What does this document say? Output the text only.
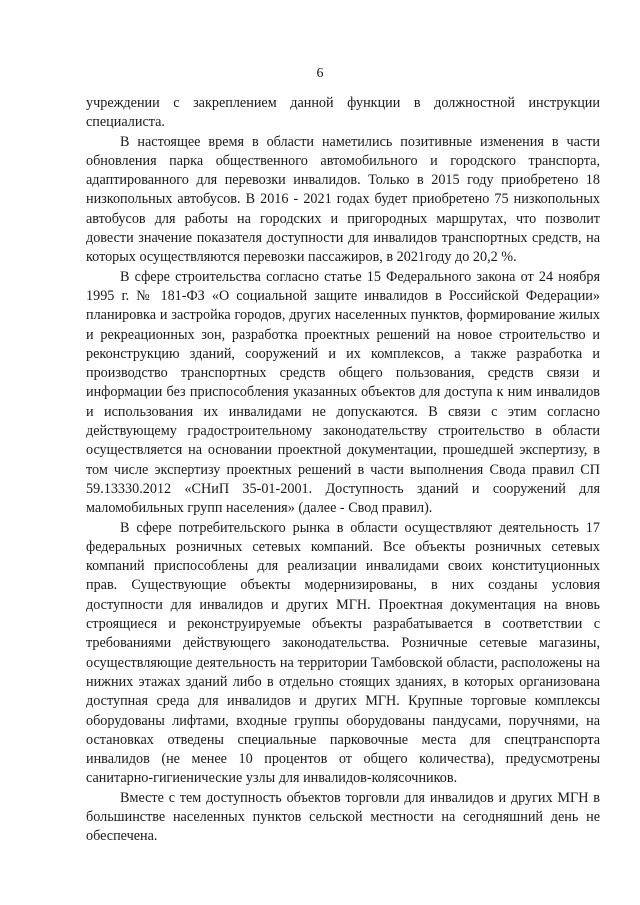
6

учреждении с закреплением данной функции в должностной инструкции специалиста.

В настоящее время в области наметились позитивные изменения в части обновления парка общественного автомобильного и городского транспорта, адаптированного для перевозки инвалидов. Только в 2015 году приобретено 18 низкопольных автобусов. В 2016 - 2021 годах будет приобретено 75 низкопольных автобусов для работы на городских и пригородных маршрутах, что позволит довести значение показателя доступности для инвалидов транспортных средств, на которых осуществляются перевозки пассажиров, в 2021году до 20,2 %.

В сфере строительства согласно статье 15 Федерального закона от 24 ноября 1995 г. № 181-ФЗ «О социальной защите инвалидов в Российской Федерации» планировка и застройка городов, других населенных пунктов, формирование жилых и рекреационных зон, разработка проектных решений на новое строительство и реконструкцию зданий, сооружений и их комплексов, а также разработка и производство транспортных средств общего пользования, средств связи и информации без приспособления указанных объектов для доступа к ним инвалидов и использования их инвалидами не допускаются. В связи с этим согласно действующему градостроительному законодательству строительство в области осуществляется на основании проектной документации, прошедшей экспертизу, в том числе экспертизу проектных решений в части выполнения Свода правил СП 59.13330.2012 «СНиП 35-01-2001. Доступность зданий и сооружений для маломобильных групп населения» (далее - Свод правил).

В сфере потребительского рынка в области осуществляют деятельность 17 федеральных розничных сетевых компаний. Все объекты розничных сетевых компаний приспособлены для реализации инвалидами своих конституционных прав. Существующие объекты модернизированы, в них созданы условия доступности для инвалидов и других МГН. Проектная документация на вновь строящиеся и реконструируемые объекты разрабатывается в соответствии с требованиями действующего законодательства. Розничные сетевые магазины, осуществляющие деятельность на территории Тамбовской области, расположены на нижних этажах зданий либо в отдельно стоящих зданиях, в которых организована доступная среда для инвалидов и других МГН. Крупные торговые комплексы оборудованы лифтами, входные группы оборудованы пандусами, поручнями, на остановках отведены специальные парковочные места для спецтранспорта инвалидов (не менее 10 процентов от общего количества), предусмотрены санитарно-гигиенические узлы для инвалидов-колясочников.

Вместе с тем доступность объектов торговли для инвалидов и других МГН в большинстве населенных пунктов сельской местности на сегодняшний день не обеспечена.
